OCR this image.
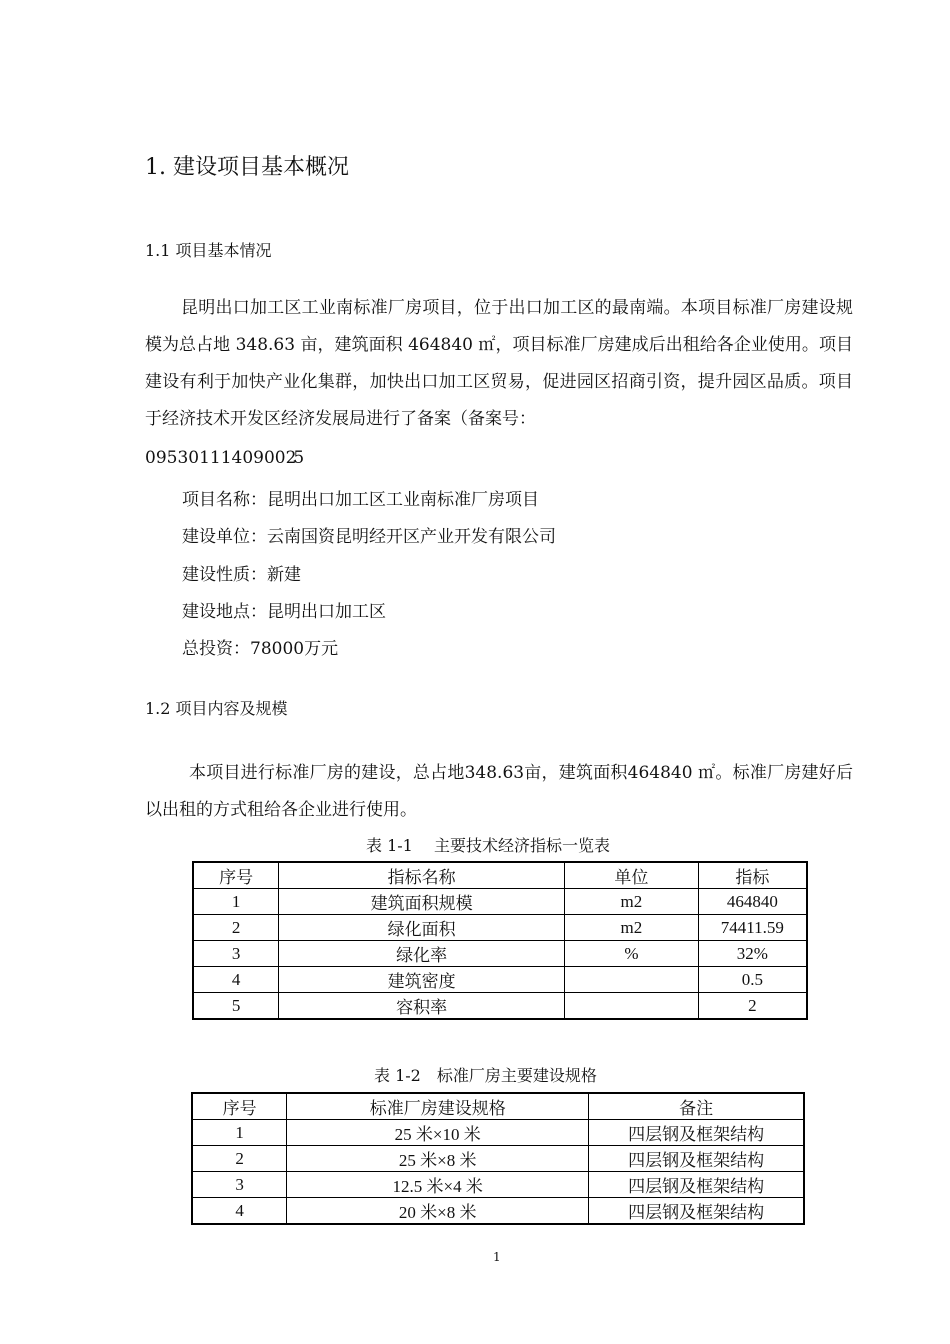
1. 建设项目基本概况
1.1 项目基本情况
昆明出口加工区工业南标准厂房项目，位于出口加工区的最南端。本项目标准厂房建设规模为总占地 348.63 亩，建筑面积 464840 ㎡，项目标准厂房建成后出租给各企业使用。项目建设有利于加快产业化集群，加快出口加工区贸易，促进园区招商引资，提升园区品质。项目于经济技术开发区经济发展局进行了备案（备案号：
095301114090025
项目名称：昆明出口加工区工业南标准厂房项目
建设单位：云南国资昆明经开区产业开发有限公司
建设性质：新建
建设地点：昆明出口加工区
总投资：78000万元
1.2 项目内容及规模
本项目进行标准厂房的建设，总占地348.63亩，建筑面积464840 ㎡。标准厂房建好后以出租的方式租给各企业进行使用。
表 1-1　 主要技术经济指标一览表
序号	指标名称	单位	指标
1	建筑面积规模	m2	464840
2	绿化面积	m2	74411.59
3	绿化率	%	32%
4	建筑密度		0.5
5	容积率		2
表 1-2　标准厂房主要建设规格
序号	标准厂房建设规格	备注
1	25 米×10 米	四层钢及框架结构
2	25 米×8 米	四层钢及框架结构
3	12.5 米×4 米	四层钢及框架结构
4	20 米×8 米	四层钢及框架结构
1
